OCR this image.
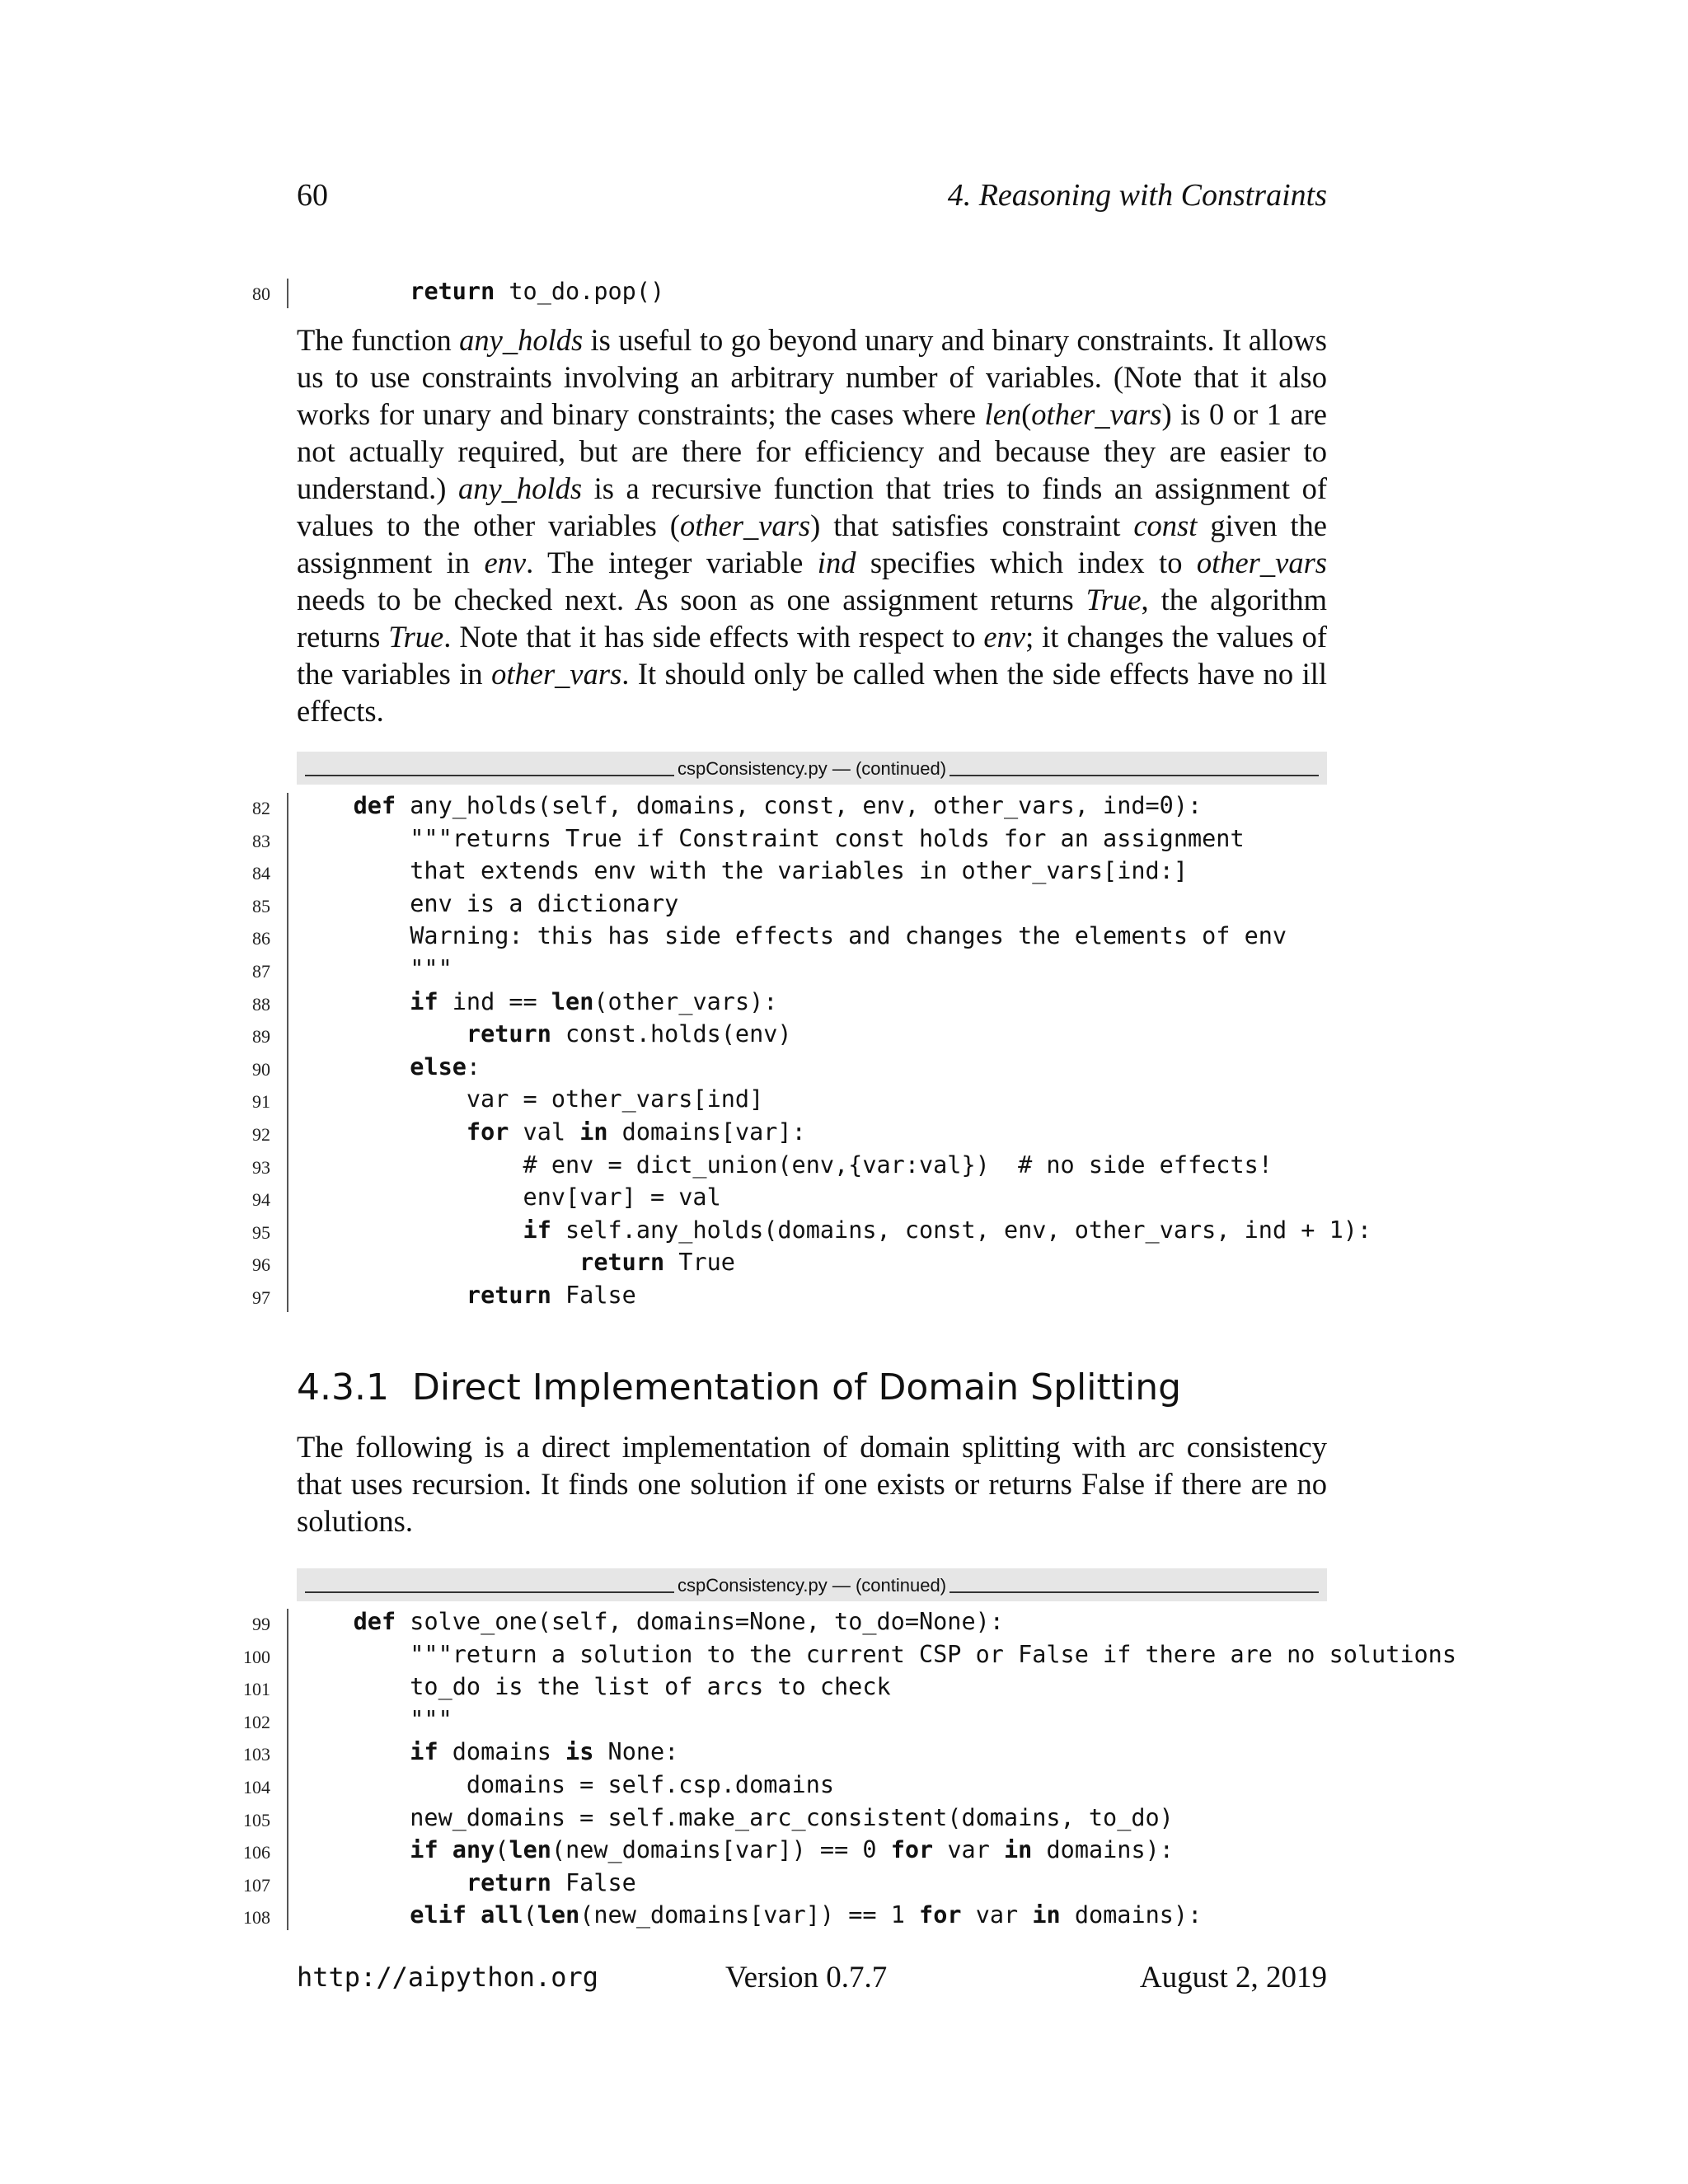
60	4. Reasoning with Constraints
80	return to_do.pop()
The function any_holds is useful to go beyond unary and binary constraints. It allows us to use constraints involving an arbitrary number of variables. (Note that it also works for unary and binary constraints; the cases where len(other_vars) is 0 or 1 are not actually required, but are there for efficiency and because they are easier to understand.) any_holds is a recursive function that tries to finds an assignment of values to the other variables (other_vars) that satisfies constraint const given the assignment in env. The integer variable ind specifies which index to other_vars needs to be checked next. As soon as one assignment returns True, the algorithm returns True. Note that it has side effects with respect to env; it changes the values of the variables in other_vars. It should only be called when the side effects have no ill effects.
cspConsistency.py — (continued)
82	def any_holds(self, domains, const, env, other_vars, ind=0):
83 """returns True if Constraint const holds for an assignment
84 that extends env with the variables in other_vars[ind:]
85 env is a dictionary
86 Warning: this has side effects and changes the elements of env
87 """
88	if ind == len(other_vars):
89	return const.holds(env)
90	else:
91 var = other_vars[ind]
92	for val in domains[var]:
93 # env = dict_union(env,{var:val})  # no side effects!
94 env[var] = val
95	if self.any_holds(domains, const, env, other_vars, ind + 1):
96	return True
97	return False
4.3.1 Direct Implementation of Domain Splitting
The following is a direct implementation of domain splitting with arc consistency that uses recursion. It finds one solution if one exists or returns False if there are no solutions.
cspConsistency.py — (continued)
99	def solve_one(self, domains=None, to_do=None):
100 """return a solution to the current CSP or False if there are no solutions
101 to_do is the list of arcs to check
102 """
103	if domains is None:
104 domains = self.csp.domains
105 new_domains = self.make_arc_consistent(domains, to_do)
106	if any(len(new_domains[var]) == 0 for var in domains):
107	return False
108	elif all(len(new_domains[var]) == 1 for var in domains):
http://aipython.org	Version 0.7.7	August 2, 2019
